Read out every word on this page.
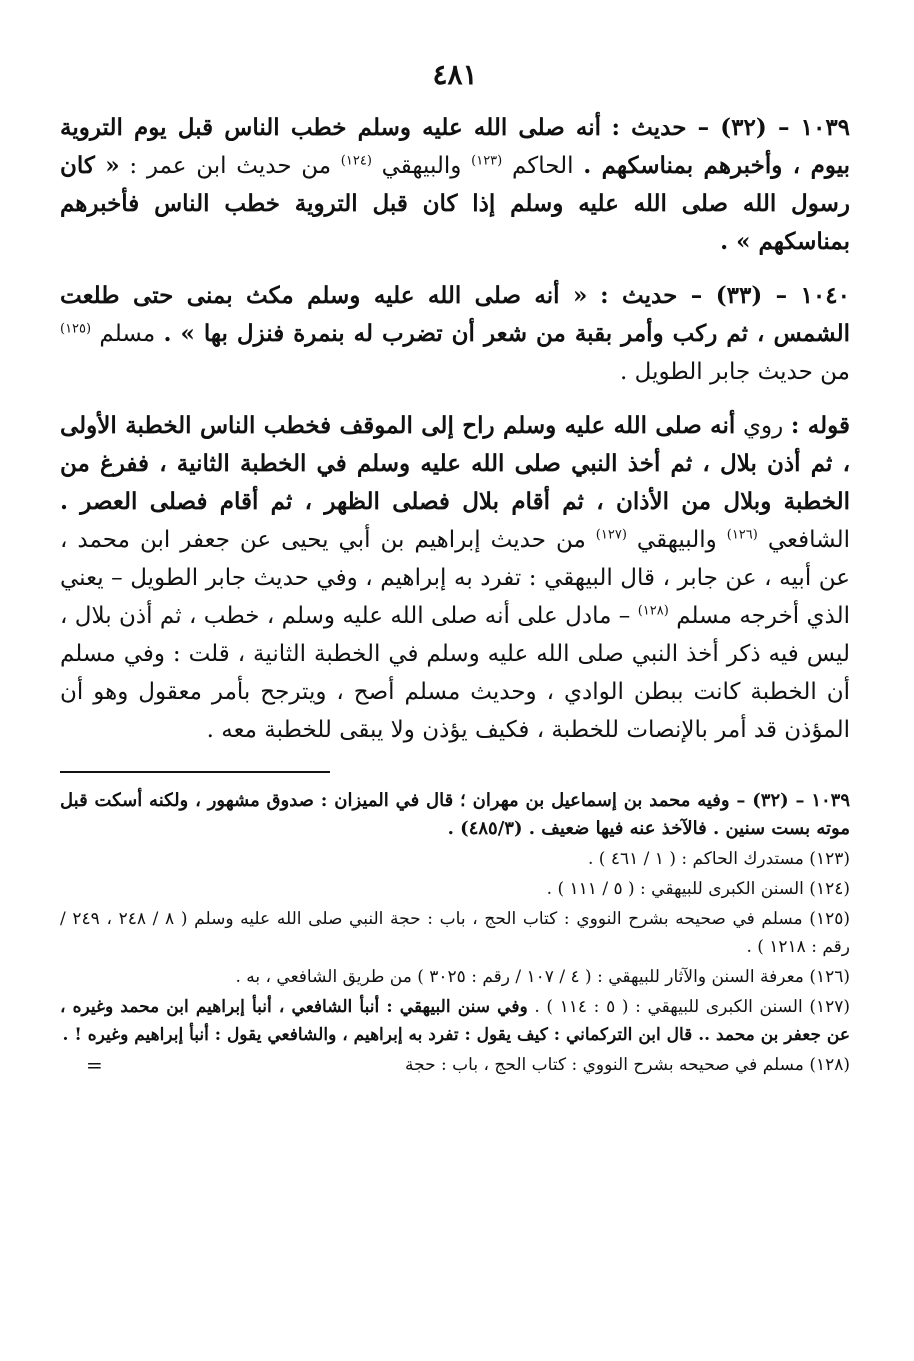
٤٨١

١٠٣٩ – (٣٢) – حديث : أنه صلى الله عليه وسلم خطب الناس قبل يوم التروية بيوم ، وأخبرهم بمناسكهم . الحاكم $^{(١٢٣)}$ والبيهقي $^{(١٢٤)}$ من حديث ابن عمر : « كان رسول الله صلى الله عليه وسلم إذا كان قبل التروية خطب الناس فأخبرهم بمناسكهم » .

١٠٤٠ – (٣٣) – حديث : « أنه صلى الله عليه وسلم مكث بمنى حتى طلعت الشمس ، ثم ركب وأمر بقبة من شعر أن تضرب له بنمرة فنزل بها » . مسلم $^{(١٢٥)}$ من حديث جابر الطويل .

قوله : روي أنه صلى الله عليه وسلم راح إلى الموقف فخطب الناس الخطبة الأولى ، ثم أذن بلال ، ثم أخذ النبي صلى الله عليه وسلم في الخطبة الثانية ، ففرغ من الخطبة وبلال من الأذان ، ثم أقام بلال فصلى الظهر ، ثم أقام فصلى العصر . الشافعي $^{(١٢٦)}$ والبيهقي $^{(١٢٧)}$ من حديث إبراهيم بن أبي يحيى عن جعفر ابن محمد ، عن أبيه ، عن جابر ، قال البيهقي : تفرد به إبراهيم ، وفي حديث جابر الطويل – يعني الذي أخرجه مسلم $^{(١٢٨)}$ – مادل على أنه صلى الله عليه وسلم ، خطب ، ثم أذن بلال ، ليس فيه ذكر أخذ النبي صلى الله عليه وسلم في الخطبة الثانية ، قلت : وفي مسلم أن الخطبة كانت ببطن الوادي ، وحديث مسلم أصح ، ويترجح بأمر معقول وهو أن المؤذن قد أمر بالإنصات للخطبة ، فكيف يؤذن ولا يبقى للخطبة معه .

١٠٣٩ – (٣٢) – وفيه محمد بن إسماعيل بن مهران ؛ قال في الميزان : صدوق مشهور ، ولكنه أسكت قبل موته بست سنين . فالآخذ عنه فيها ضعيف . (٤٨٥/٣) .

(١٢٣) مستدرك الحاكم : ( ١ / ٤٦١ ) .

(١٢٤) السنن الكبرى للبيهقي : ( ٥ / ١١١ ) .

(١٢٥) مسلم في صحيحه بشرح النووي : كتاب الحج ، باب : حجة النبي صلى الله عليه وسلم ( ٨ / ٢٤٨ ، ٢٤٩ / رقم : ١٢١٨ ) .

(١٢٦) معرفة السنن والآثار للبيهقي : ( ٤ / ١٠٧ / رقم : ٣٠٢٥ ) من طريق الشافعي ، به .

(١٢٧) السنن الكبرى للبيهقي : ( ٥ : ١١٤ ) . وفي سنن البيهقي : أنبأ الشافعي ، أنبأ إبراهيم ابن محمد وغيره ، عن جعفر بن محمد .. قال ابن التركماني : كيف يقول : تفرد به إبراهيم ، والشافعي يقول : أنبأ إبراهيم وغيره ! .

(١٢٨) مسلم في صحيحه بشرح النووي : كتاب الحج ، باب : حجة
=
